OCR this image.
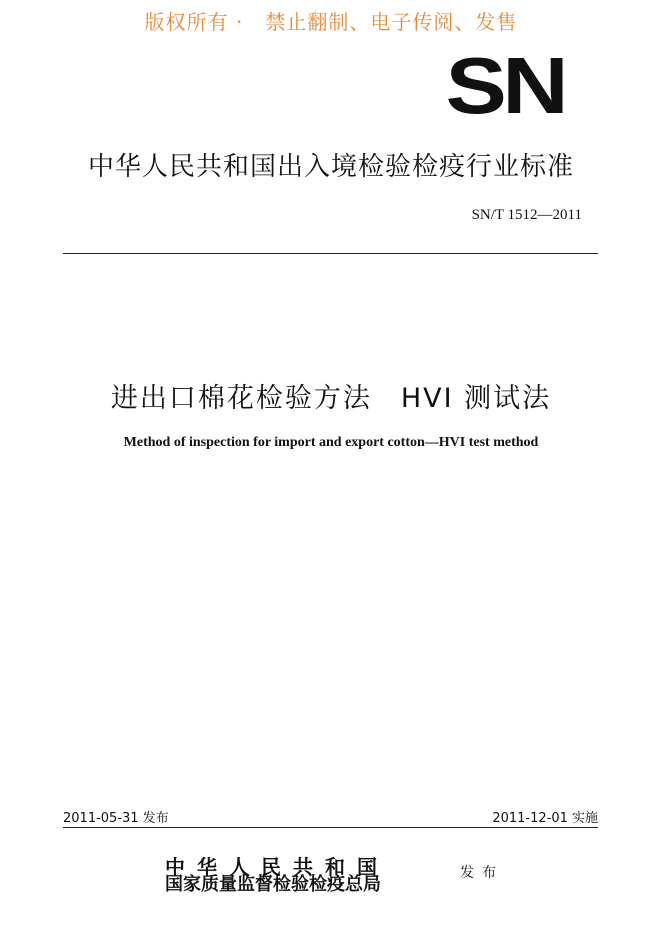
版权所有 ·   禁止翻制、电子传阅、发售
SN
中华人民共和国出入境检验检疫行业标准
SN/T 1512—2011
进出口棉花检验方法　HVI 测试法
Method of inspection for import and export cotton—HVI test method
2011-05-31 发布	2011-12-01 实施
中华人民共和国
国家质量监督检验检疫总局
发布
